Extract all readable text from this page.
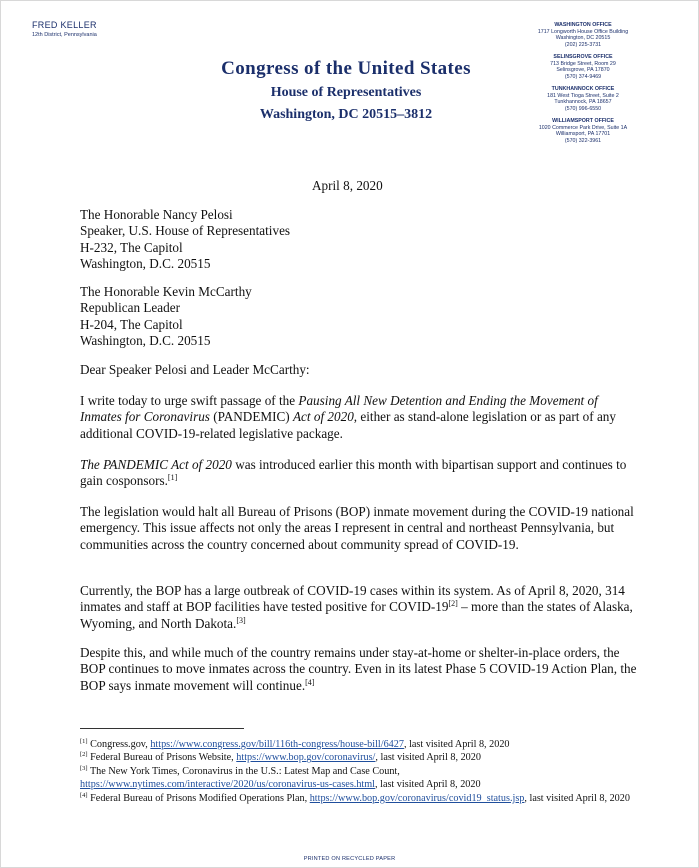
FRED KELLER
12th District, Pennsylvania
Congress of the United States
House of Representatives
Washington, DC 20515–3812
WASHINGTON OFFICE
1717 Longworth House Office Building
Washington, DC 20515
(202) 225-3731
SELINSGROVE OFFICE
713 Bridge Street, Room 29
Selinsgrove, PA 17870
(570) 374-9469
TUNKHANNOCK OFFICE
181 West Tioga Street, Suite 2
Tunkhannock, PA 18657
(570) 996-6550
WILLIAMSPORT OFFICE
1020 Commerce Park Drive, Suite 1A
Williamsport, PA 17701
(570) 322-3961
April 8, 2020
The Honorable Nancy Pelosi
Speaker, U.S. House of Representatives
H-232, The Capitol
Washington, D.C. 20515
The Honorable Kevin McCarthy
Republican Leader
H-204, The Capitol
Washington, D.C. 20515
Dear Speaker Pelosi and Leader McCarthy:
I write today to urge swift passage of the Pausing All New Detention and Ending the Movement of Inmates for Coronavirus (PANDEMIC) Act of 2020, either as stand-alone legislation or as part of any additional COVID-19-related legislative package.
The PANDEMIC Act of 2020 was introduced earlier this month with bipartisan support and continues to gain cosponsors.[1]
The legislation would halt all Bureau of Prisons (BOP) inmate movement during the COVID-19 national emergency. This issue affects not only the areas I represent in central and northeast Pennsylvania, but communities across the country concerned about community spread of COVID-19.
Currently, the BOP has a large outbreak of COVID-19 cases within its system. As of April 8, 2020, 314 inmates and staff at BOP facilities have tested positive for COVID-19[2] – more than the states of Alaska, Wyoming, and North Dakota.[3]
Despite this, and while much of the country remains under stay-at-home or shelter-in-place orders, the BOP continues to move inmates across the country. Even in its latest Phase 5 COVID-19 Action Plan, the BOP says inmate movement will continue.[4]
[1] Congress.gov, https://www.congress.gov/bill/116th-congress/house-bill/6427, last visited April 8, 2020
[2] Federal Bureau of Prisons Website, https://www.bop.gov/coronavirus/, last visited April 8, 2020
[3] The New York Times, Coronavirus in the U.S.: Latest Map and Case Count, https://www.nytimes.com/interactive/2020/us/coronavirus-us-cases.html, last visited April 8, 2020
[4] Federal Bureau of Prisons Modified Operations Plan, https://www.bop.gov/coronavirus/covid19_status.jsp, last visited April 8, 2020
PRINTED ON RECYCLED PAPER
